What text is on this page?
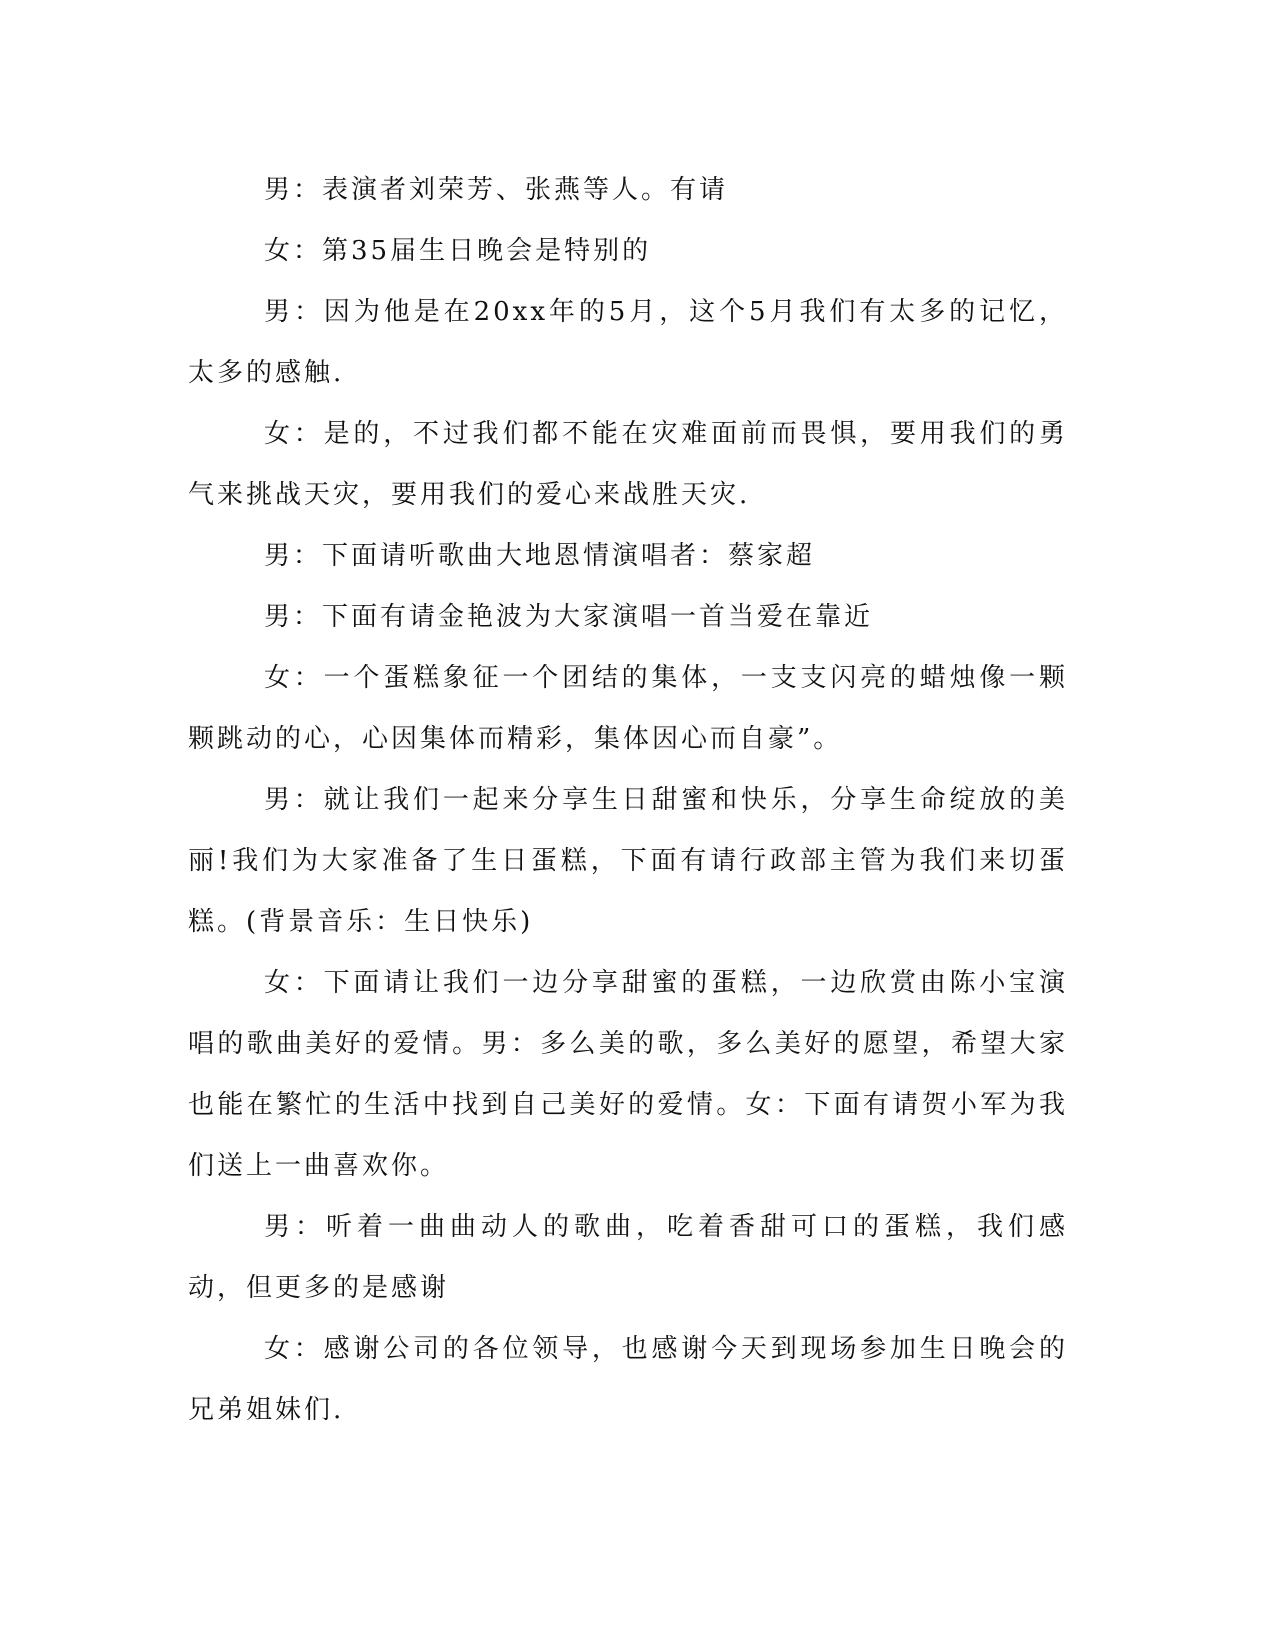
男：表演者刘荣芳、张燕等人。有请

女：第35届生日晚会是特别的

男：因为他是在20xx年的5月，这个5月我们有太多的记忆，太多的感触.

女：是的，不过我们都不能在灾难面前而畏惧，要用我们的勇气来挑战天灾，要用我们的爱心来战胜天灾.

男：下面请听歌曲大地恩情演唱者：蔡家超

男：下面有请金艳波为大家演唱一首当爱在靠近

女：一个蛋糕象征一个团结的集体，一支支闪亮的蜡烛像一颗颗跳动的心，心因集体而精彩，集体因心而自豪”。

男：就让我们一起来分享生日甜蜜和快乐，分享生命绽放的美丽!我们为大家准备了生日蛋糕，下面有请行政部主管为我们来切蛋糕。(背景音乐：生日快乐)

女：下面请让我们一边分享甜蜜的蛋糕，一边欣赏由陈小宝演唱的歌曲美好的爱情。男：多么美的歌，多么美好的愿望，希望大家也能在繁忙的生活中找到自己美好的爱情。女：下面有请贺小军为我们送上一曲喜欢你。

男：听着一曲曲动人的歌曲，吃着香甜可口的蛋糕，我们感动，但更多的是感谢

女：感谢公司的各位领导，也感谢今天到现场参加生日晚会的兄弟姐妹们.
